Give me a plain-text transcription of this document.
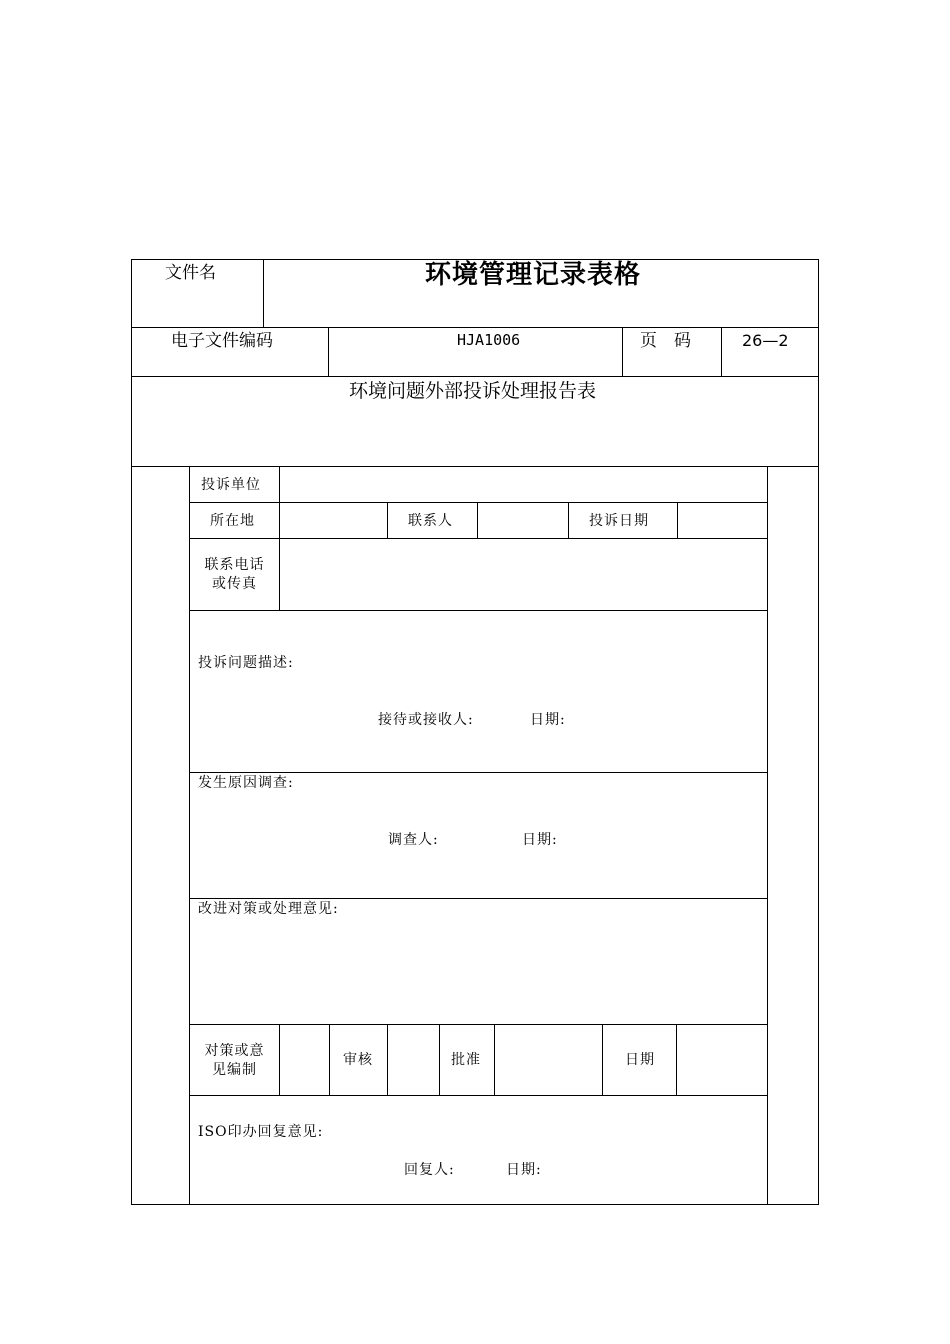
文件名	环境管理记录表格
电子文件编码	HJA1006	页　码	26—2
环境问题外部投诉处理报告表
投诉单位
所在地	联系人	投诉日期
联系电话
或传真
投诉问题描述:
接待或接收人:	日期:
发生原因调查:
调查人:	日期:
改进对策或处理意见:
对策或意
见编制
审核	批准	日期
ISO印办回复意见:
回复人:	日期:
